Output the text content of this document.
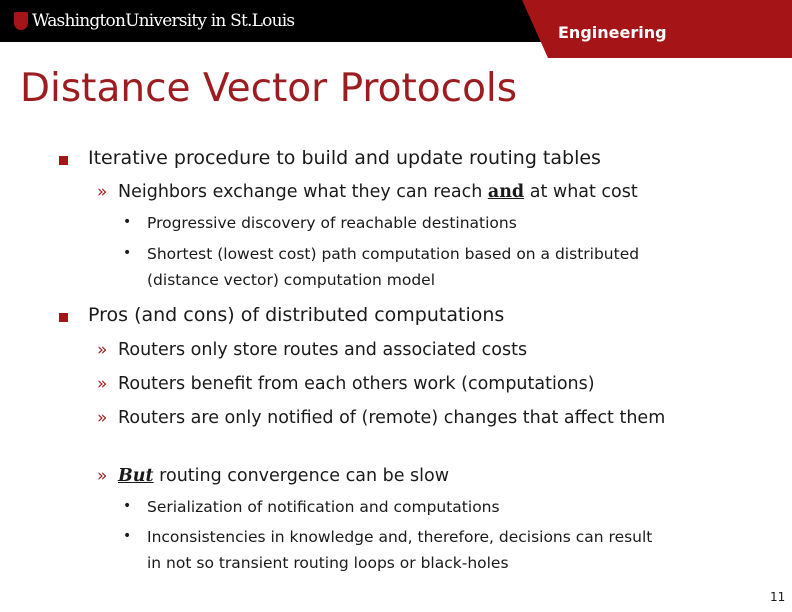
WashingtonUniversity in St.Louis
Engineering
Distance Vector Protocols
Iterative procedure to build and update routing tables
» Neighbors exchange what they can reach and at what cost
• Progressive discovery of reachable destinations
• Shortest (lowest cost) path computation based on a distributed
(distance vector) computation model
Pros (and cons) of distributed computations
» Routers only store routes and associated costs
» Routers benefit from each others work (computations)
» Routers are only notified of (remote) changes that affect them
» But routing convergence can be slow
• Serialization of notification and computations
• Inconsistencies in knowledge and, therefore, decisions can result
in not so transient routing loops or black-holes
11
